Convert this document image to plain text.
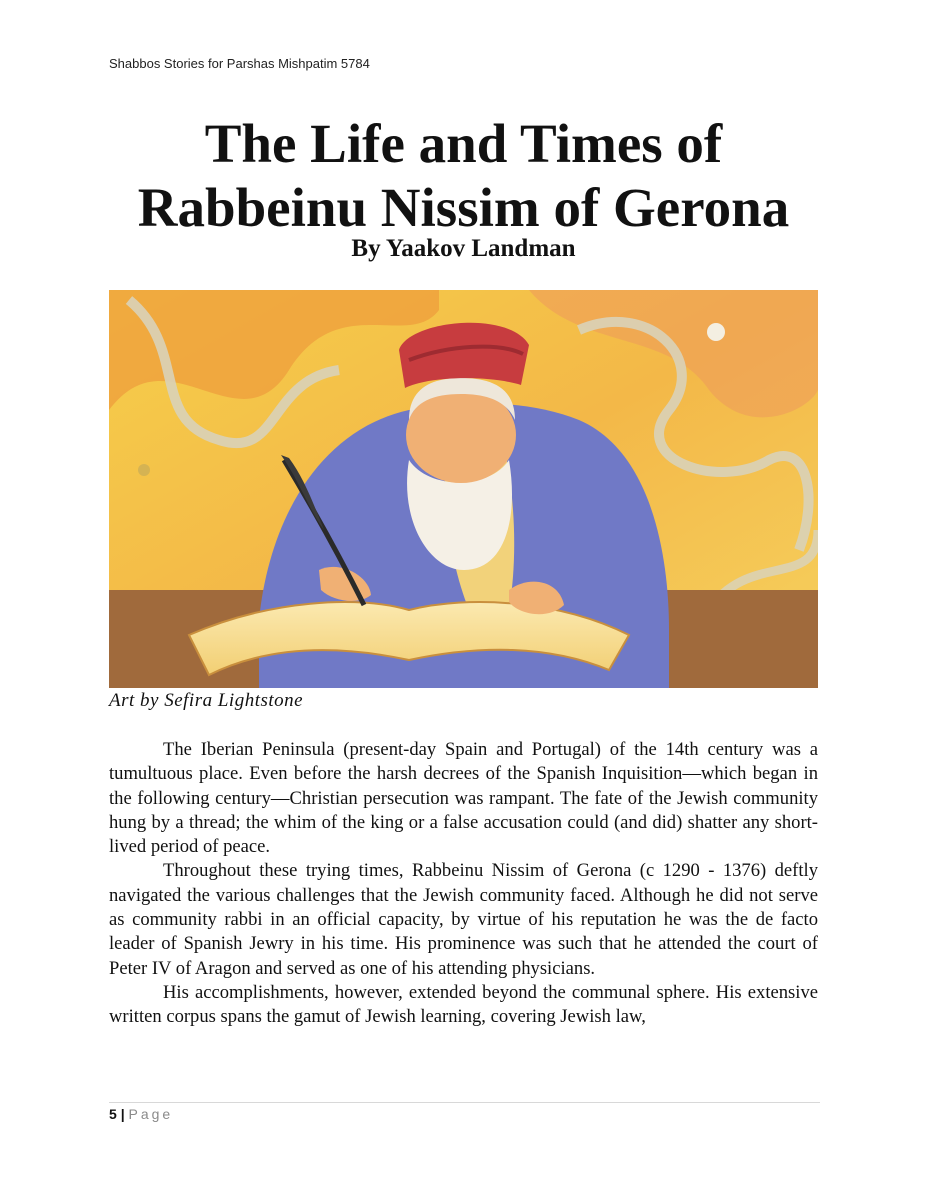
Shabbos Stories for Parshas Mishpatim 5784
The Life and Times of
Rabbeinu Nissim of Gerona
By Yaakov Landman
Art by Sefira Lightstone

The Iberian Peninsula (present-day Spain and Portugal) of the 14th century was a tumultuous place. Even before the harsh decrees of the Spanish Inquisition—which began in the following century—Christian persecution was rampant. The fate of the Jewish community hung by a thread; the whim of the king or a false accusation could (and did) shatter any short-lived period of peace.

Throughout these trying times, Rabbeinu Nissim of Gerona (c 1290 - 1376) deftly navigated the various challenges that the Jewish community faced. Although he did not serve as community rabbi in an official capacity, by virtue of his reputation he was the de facto leader of Spanish Jewry in his time. His prominence was such that he attended the court of Peter IV of Aragon and served as one of his attending physicians.

His accomplishments, however, extended beyond the communal sphere. His extensive written corpus spans the gamut of Jewish learning, covering Jewish law,

5 | Page
